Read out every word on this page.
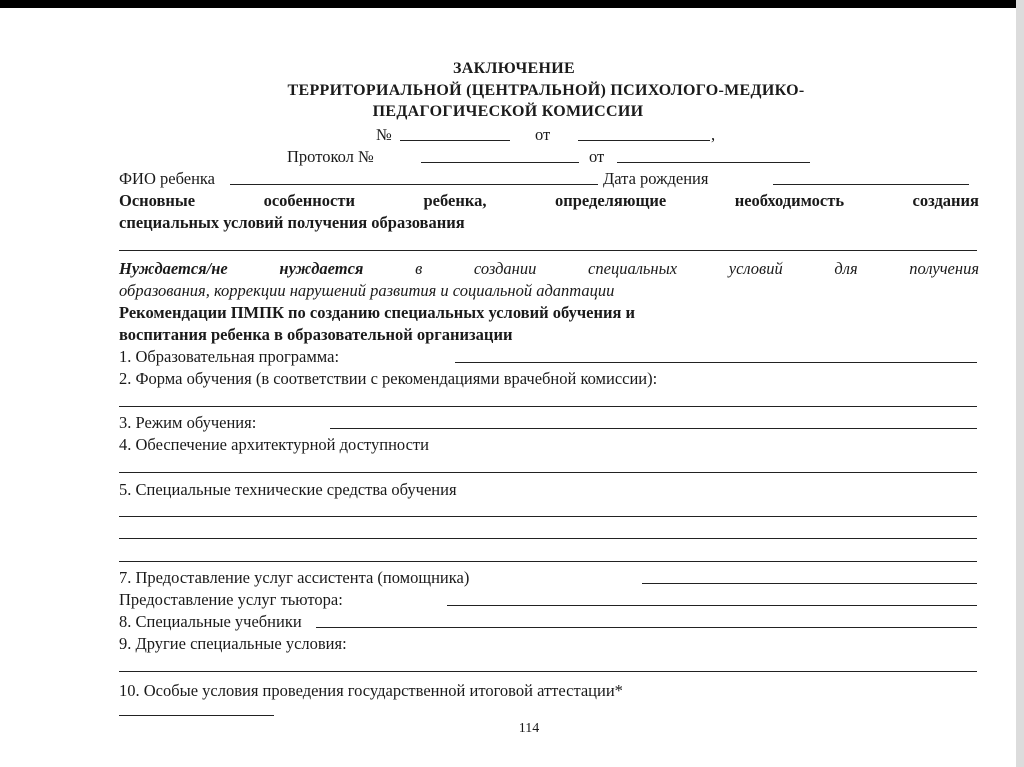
ЗАКЛЮЧЕНИЕ
ТЕРРИТОРИАЛЬНОЙ (ЦЕНТРАЛЬНОЙ) ПСИХОЛОГО-МЕДИКО-
ПЕДАГОГИЧЕСКОЙ КОМИССИИ
№	от	,
Протокол №	от
ФИО ребенка	Дата рождения
Основные особенности ребенка, определяющие необходимость создания
специальных условий получения образования
Нуждается/не нуждается в создании специальных условий для получения
образования, коррекции нарушений развития и социальной адаптации
Рекомендации ПМПК по созданию специальных условий обучения и
воспитания ребенка в образовательной организации
1. Образовательная программа:
2. Форма обучения (в соответствии с рекомендациями врачебной комиссии):
3. Режим обучения:
4. Обеспечение архитектурной доступности
5. Специальные технические средства обучения
7. Предоставление услуг ассистента (помощника)
Предоставление услуг тьютора:
8. Специальные учебники
9. Другие специальные условия:
10. Особые условия проведения государственной итоговой аттестации*
114
